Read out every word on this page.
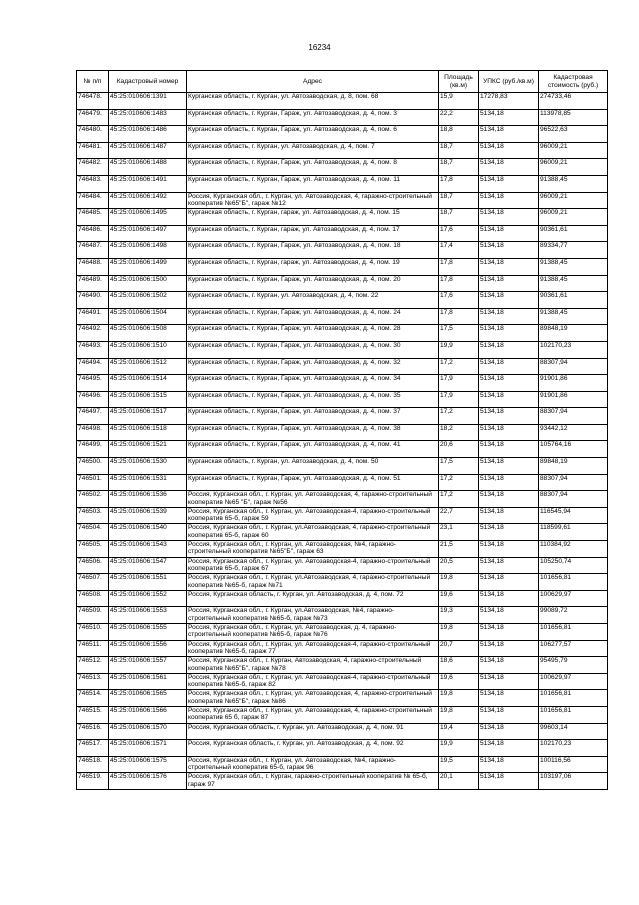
16234
№ п/п	Кадастровый номер	Адрес	Площадь (кв.м)	УПКС (руб./кв.м)	Кадастровая стоимость (руб.)
746478.	45:25:010606:1391	Курганская область, г. Курган, ул. Автозаводская, д. 8, пом. 68	15,9	17278,83	274733,46
746479.	45:25:010606:1483	Курганская область, г. Курган, Гараж, ул. Автозаводская, д. 4, пом. 3	22,2	5134,18	113978,85
746480.	45:25:010606:1486	Курганская область, г. Курган, Гараж, ул. Автозаводская, д. 4, пом. 6	18,8	5134,18	96522,63
746481.	45:25:010606:1487	Курганская область, г. Курган, ул. Автозаводская, д. 4, пом. 7	18,7	5134,18	96009,21
746482.	45:25:010606:1488	Курганская область, г. Курган, Гараж, ул. Автозаводская, д. 4, пом. 8	18,7	5134,18	96009,21
746483.	45:25:010606:1491	Курганская область, г. Курган, Гараж, ул. Автозаводская, д. 4, пом. 11	17,8	5134,18	91388,45
746484.	45:25:010606:1492	Россия, Курганская обл., г. Курган, ул. Автозаводская, 4, гаражно-строительный кооператив №65"Б", гараж №12	18,7	5134,18	96009,21
746485.	45:25:010606:1495	Курганская область, г. Курган, гараж, ул. Автозаводская, д. 4, пом. 15	18,7	5134,18	96009,21
746486.	45:25:010606:1497	Курганская область, г. Курган, гараж, ул. Автозаводская, д. 4, пом. 17	17,6	5134,18	90361,61
746487.	45:25:010606:1498	Курганская область, г. Курган, Гараж, ул. Автозаводская, д. 4, пом. 18	17,4	5134,18	89334,77
746488.	45:25:010606:1499	Курганская область, г. Курган, гараж, ул. Автозаводская, д. 4, пом. 19	17,8	5134,18	91388,45
746489.	45:25:010606:1500	Курганская область, г. Курган, Гараж, ул. Автозаводская, д. 4, пом. 20	17,8	5134,18	91388,45
746490.	45:25:010606:1502	Курганская область, г. Курган, ул. Автозаводская, д. 4, пом. 22	17,6	5134,18	90361,61
746491.	45:25:010606:1504	Курганская область, г. Курган, Гараж, ул. Автозаводская, д. 4, пом. 24	17,8	5134,18	91388,45
746492.	45:25:010606:1508	Курганская область, г. Курган, Гараж, ул. Автозаводская, д. 4, пом. 28	17,5	5134,18	89848,19
746493.	45:25:010606:1510	Курганская область, г. Курган, Гараж, ул. Автозаводская, д. 4, пом. 30	19,9	5134,18	102170,23
746494.	45:25:010606:1512	Курганская область, г. Курган, Гараж, ул. Автозаводская, д. 4, пом. 32	17,2	5134,18	88307,94
746495.	45:25:010606:1514	Курганская область, г. Курган, Гараж, ул. Автозаводская, д. 4, пом. 34	17,9	5134,18	91901,86
746496.	45:25:010606:1515	Курганская область, г. Курган, Гараж, ул. Автозаводская, д. 4, пом. 35	17,9	5134,18	91901,86
746497.	45:25:010606:1517	Курганская область, г. Курган, Гараж, ул. Автозаводская, д. 4, пом. 37	17,2	5134,18	88307,94
746498.	45:25:010606:1518	Курганская область, г. Курган, Гараж, ул. Автозаводская, д. 4, пом. 38	18,2	5134,18	93442,12
746499.	45:25:010606:1521	Курганская область, г. Курган, Гараж, ул. Автозаводская, д. 4, пом. 41	20,6	5134,18	105764,16
746500.	45:25:010606:1530	Курганская область, г. Курган, ул. Автозаводская, д. 4, пом. 50	17,5	5134,18	89848,19
746501.	45:25:010606:1531	Курганская область, г. Курган, Гараж, ул. Автозаводская, д. 4, пом. 51	17,2	5134,18	88307,94
746502.	45:25:010606:1536	Россия, Курганская обл., г. Курган, ул. Автозаводская, 4, гаражно-строительный кооператив №65 "Б", гараж №56	17,2	5134,18	88307,94
746503.	45:25:010606:1539	Россия, Курганская обл., г. Курган, ул. Автозаводская-4, гаражно-строительный кооператив 65-б, гараж 59	22,7	5134,18	116545,94
746504.	45:25:010606:1540	Россия, Курганская обл., г. Курган, ул.Автозаводская, 4, гаражно-строительный кооператив 65-б, гараж 60	23,1	5134,18	118599,61
746505.	45:25:010606:1543	Россия, Курганская обл., г. Курган, ул. Автозаводская, №4, гаражно-строительный кооператив №65"Б", гараж 63	21,5	5134,18	110384,92
746506.	45:25:010606:1547	Россия, Курганская обл., г. Курган, ул. Автозаводская-4, гаражно-строительный кооператив 65-б, гараж 67	20,5	5134,18	105250,74
746507.	45:25:010606:1551	Россия, Курганская обл., г. Курган, ул.Автозаводская, 4, гаражно-строительный кооператив №65-б, гараж №71	19,8	5134,18	101656,81
746508.	45:25:010606:1552	Россия, Курганская область, г. Курган, ул. Автозаводская, д. 4, пом. 72	19,6	5134,18	100629,97
746509.	45:25:010606:1553	Россия, Курганская обл., г. Курган, ул.Автозаводская, №4, гаражно-строительный кооператив №65-б, гараж №73	19,3	5134,18	99089,72
746510.	45:25:010606:1555	Россия, Курганская обл., г. Курган, ул. Автозаводская, д. 4, гаражно-строительный кооператив №65-б, гараж №76	19,8	5134,18	101656,81
746511.	45:25:010606:1556	Россия, Курганская обл., г. Курган, ул. Автозаводская-4, гаражно-строительный кооператив №65-б, гараж 77	20,7	5134,18	106277,57
746512.	45:25:010606:1557	Россия, Курганская обл., г. Курган, Автозаводская, 4, гаражно-строительный кооператив №65"Б", гараж №78	18,6	5134,18	95495,79
746513.	45:25:010606:1561	Россия, Курганская обл., г. Курган, ул. Автозаводская-4, гаражно-строительный кооператив №65-б, гараж 82	19,6	5134,18	100629,97
746514.	45:25:010606:1565	Россия, Курганская обл., г. Курган, ул. Автозаводская, 4, гаражно-строительный кооператив №65"Б", гараж №86	19,8	5134,18	101656,81
746515.	45:25:010606:1566	Россия, Курганская обл., г. Курган, ул. Автозаводская, 4, гаражно-строительный кооператив 65 б, гараж 87	19,8	5134,18	101656,81
746516.	45:25:010606:1570	Россия, Курганская область, г. Курган, ул. Автозаводская, д. 4, пом. 91	19,4	5134,18	99603,14
746517.	45:25:010606:1571	Россия, Курганская область, г. Курган, ул. Автозаводская, д. 4, пом. 92	19,9	5134,18	102170,23
746518.	45:25:010606:1575	Россия, Курганская обл., г. Курган, ул. Автозаводская, №4, гаражно-строительный кооператив 65-б, гараж 96	19,5	5134,18	100116,56
746519.	45:25:010606:1576	Россия, Курганская обл., г. Курган, гаражно-строительный кооператив № 65-б, гараж 97	20,1	5134,18	103197,06
